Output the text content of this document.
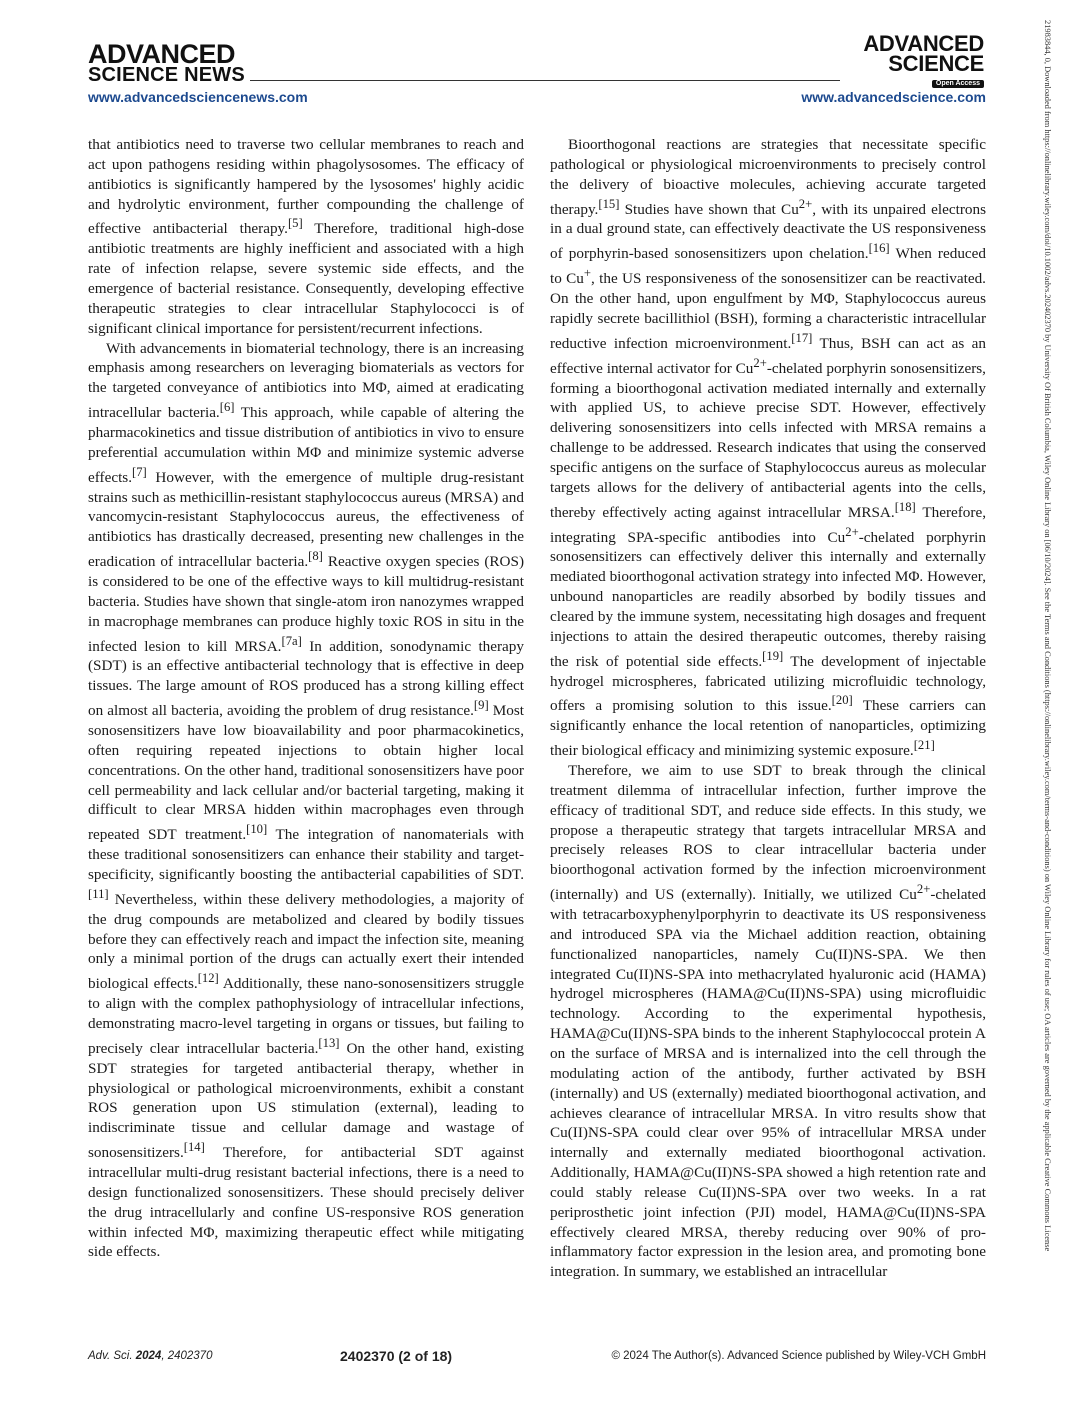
ADVANCED
SCIENCE NEWS
ADVANCED
SCIENCE
Open Access
www.advancedsciencenews.com	www.advancedscience.com

that antibiotics need to traverse two cellular membranes to reach and act upon pathogens residing within phagolysosomes. The efficacy of antibiotics is significantly hampered by the lysosomes' highly acidic and hydrolytic environment, further compounding the challenge of effective antibacterial therapy.[5] Therefore, traditional high-dose antibiotic treatments are highly inefficient and associated with a high rate of infection relapse, severe systemic side effects, and the emergence of bacterial resistance. Consequently, developing effective therapeutic strategies to clear intracellular Staphylococci is of significant clinical importance for persistent/recurrent infections.

With advancements in biomaterial technology, there is an increasing emphasis among researchers on leveraging biomaterials as vectors for the targeted conveyance of antibiotics into MΦ, aimed at eradicating intracellular bacteria.[6] This approach, while capable of altering the pharmacokinetics and tissue distribution of antibiotics in vivo to ensure preferential accumulation within MΦ and minimize systemic adverse effects.[7] However, with the emergence of multiple drug-resistant strains such as methicillin-resistant staphylococcus aureus (MRSA) and vancomycin-resistant Staphylococcus aureus, the effectiveness of antibiotics has drastically decreased, presenting new challenges in the eradication of intracellular bacteria.[8] Reactive oxygen species (ROS) is considered to be one of the effective ways to kill multidrug-resistant bacteria. Studies have shown that single-atom iron nanozymes wrapped in macrophage membranes can produce highly toxic ROS in situ in the infected lesion to kill MRSA.[7a] In addition, sonodynamic therapy (SDT) is an effective antibacterial technology that is effective in deep tissues. The large amount of ROS produced has a strong killing effect on almost all bacteria, avoiding the problem of drug resistance.[9] Most sonosensitizers have low bioavailability and poor pharmacokinetics, often requiring repeated injections to obtain higher local concentrations. On the other hand, traditional sonosensitizers have poor cell permeability and lack cellular and/or bacterial targeting, making it difficult to clear MRSA hidden within macrophages even through repeated SDT treatment.[10] The integration of nanomaterials with these traditional sonosensitizers can enhance their stability and target-specificity, significantly boosting the antibacterial capabilities of SDT.[11] Nevertheless, within these delivery methodologies, a majority of the drug compounds are metabolized and cleared by bodily tissues before they can effectively reach and impact the infection site, meaning only a minimal portion of the drugs can actually exert their intended biological effects.[12] Additionally, these nano-sonosensitizers struggle to align with the complex pathophysiology of intracellular infections, demonstrating macro-level targeting in organs or tissues, but failing to precisely clear intracellular bacteria.[13] On the other hand, existing SDT strategies for targeted antibacterial therapy, whether in physiological or pathological microenvironments, exhibit a constant ROS generation upon US stimulation (external), leading to indiscriminate tissue and cellular damage and wastage of sonosensitizers.[14] Therefore, for antibacterial SDT against intracellular multi-drug resistant bacterial infections, there is a need to design functionalized sonosensitizers. These should precisely deliver the drug intracellularly and confine US-responsive ROS generation within infected MΦ, maximizing therapeutic effect while mitigating side effects.

Bioorthogonal reactions are strategies that necessitate specific pathological or physiological microenvironments to precisely control the delivery of bioactive molecules, achieving accurate targeted therapy.[15] Studies have shown that $Cu^{2+}$, with its unpaired electrons in a dual ground state, can effectively deactivate the US responsiveness of porphyrin-based sonosensitizers upon chelation.[16] When reduced to Cu+, the US responsiveness of the sonosensitizer can be reactivated. On the other hand, upon engulfment by MΦ, Staphylococcus aureus rapidly secrete bacillithiol (BSH), forming a characteristic intracellular reductive infection microenvironment.[17] Thus, BSH can act as an effective internal activator for $Cu^{2+}$-chelated porphyrin sonosensitizers, forming a bioorthogonal activation mediated internally and externally with applied US, to achieve precise SDT. However, effectively delivering sonosensitizers into cells infected with MRSA remains a challenge to be addressed. Research indicates that using the conserved specific antigens on the surface of Staphylococcus aureus as molecular targets allows for the delivery of antibacterial agents into the cells, thereby effectively acting against intracellular MRSA.[18] Therefore, integrating SPA-specific antibodies into $Cu^{2+}$-chelated porphyrin sonosensitizers can effectively deliver this internally and externally mediated bioorthogonal activation strategy into infected MΦ. However, unbound nanoparticles are readily absorbed by bodily tissues and cleared by the immune system, necessitating high dosages and frequent injections to attain the desired therapeutic outcomes, thereby raising the risk of potential side effects.[19] The development of injectable hydrogel microspheres, fabricated utilizing microfluidic technology, offers a promising solution to this issue.[20] These carriers can significantly enhance the local retention of nanoparticles, optimizing their biological efficacy and minimizing systemic exposure.[21]

Therefore, we aim to use SDT to break through the clinical treatment dilemma of intracellular infection, further improve the efficacy of traditional SDT, and reduce side effects. In this study, we propose a therapeutic strategy that targets intracellular MRSA and precisely releases ROS to clear intracellular bacteria under bioorthogonal activation formed by the infection microenvironment (internally) and US (externally). Initially, we utilized $Cu^{2+}$-chelated with tetracarboxyphenylporphyrin to deactivate its US responsiveness and introduced SPA via the Michael addition reaction, obtaining functionalized nanoparticles, namely Cu(II)NS-SPA. We then integrated Cu(II)NS-SPA into methacrylated hyaluronic acid (HAMA) hydrogel microspheres (HAMA@Cu(II)NS-SPA) using microfluidic technology. According to the experimental hypothesis, HAMA@Cu(II)NS-SPA binds to the inherent Staphylococcal protein A on the surface of MRSA and is internalized into the cell through the modulating action of the antibody, further activated by BSH (internally) and US (externally) mediated bioorthogonal activation, and achieves clearance of intracellular MRSA. In vitro results show that Cu(II)NS-SPA could clear over 95% of intracellular MRSA under internally and externally mediated bioorthogonal activation. Additionally, HAMA@Cu(II)NS-SPA showed a high retention rate and could stably release Cu(II)NS-SPA over two weeks. In a rat periprosthetic joint infection (PJI) model, HAMA@Cu(II)NS-SPA effectively cleared MRSA, thereby reducing over 90% of pro-inflammatory factor expression in the lesion area, and promoting bone integration. In summary, we established an intracellular

21983844, 0, Downloaded from https://onlinelibrary.wiley.com/doi/10.1002/advs.202402370 by University Of British Columbia, Wiley Online Library on [06/10/2024]. See the Terms and Conditions (https://onlinelibrary.wiley.com/terms-and-conditions) on Wiley Online Library for rules of use; OA articles are governed by the applicable Creative Commons License
Adv. Sci. 2024, 2402370	2402370 (2 of 18)	© 2024 The Author(s). Advanced Science published by Wiley-VCH GmbH
